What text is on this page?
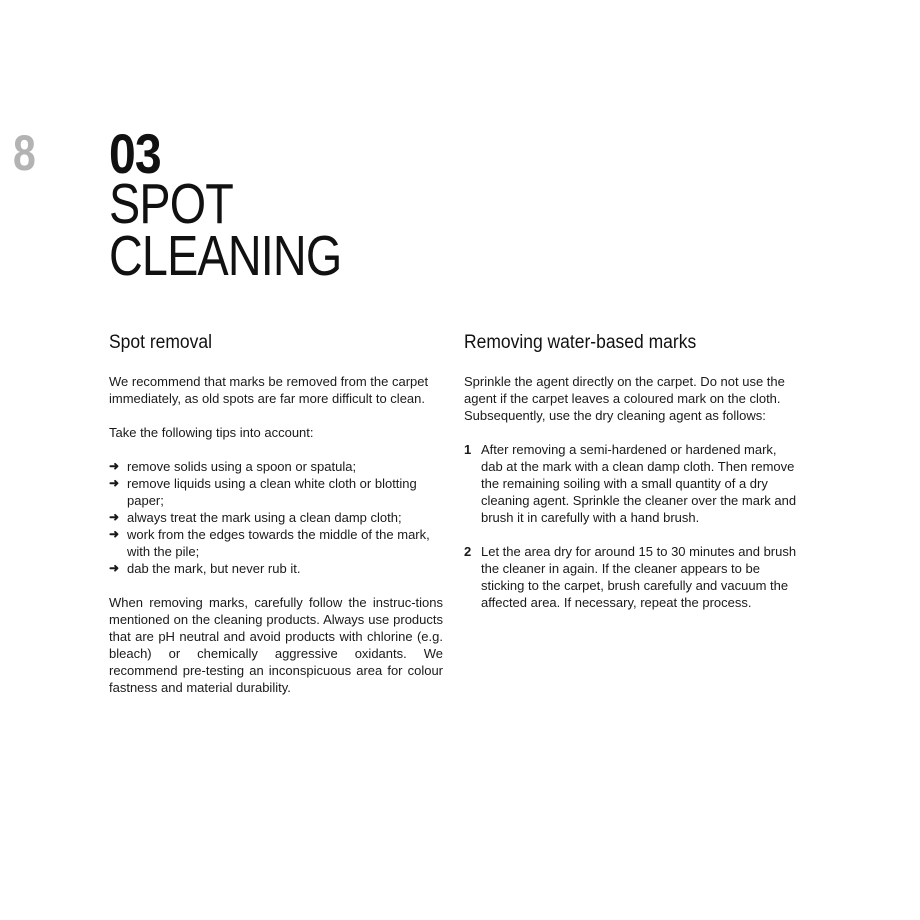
8 03
SPOT
CLEANING
Spot removal

We recommend that marks be removed from the carpet immediately, as old spots are far more difficult to clean.

Take the following tips into account:

➜ remove solids using a spoon or spatula;
➜ remove liquids using a clean white cloth or blotting paper;
➜ always treat the mark using a clean damp cloth;
➜ work from the edges towards the middle of the mark, with the pile;
➜ dab the mark, but never rub it.

When removing marks, carefully follow the instruc-tions mentioned on the cleaning products. Always use products that are pH neutral and avoid products with chlorine (e.g. bleach) or chemically aggressive oxidants. We recommend pre-testing an inconspicuous area for colour fastness and material durability.

Removing water-based marks

Sprinkle the agent directly on the carpet. Do not use the agent if the carpet leaves a coloured mark on the cloth. Subsequently, use the dry cleaning agent as follows:

1 After removing a semi-hardened or hardened mark, dab at the mark with a clean damp cloth. Then remove the remaining soiling with a small quantity of a dry cleaning agent. Sprinkle the cleaner over the mark and brush it in carefully with a hand brush.
2 Let the area dry for around 15 to 30 minutes and brush the cleaner in again. If the cleaner appears to be sticking to the carpet, brush carefully and vacuum the affected area. If necessary, repeat the process.
